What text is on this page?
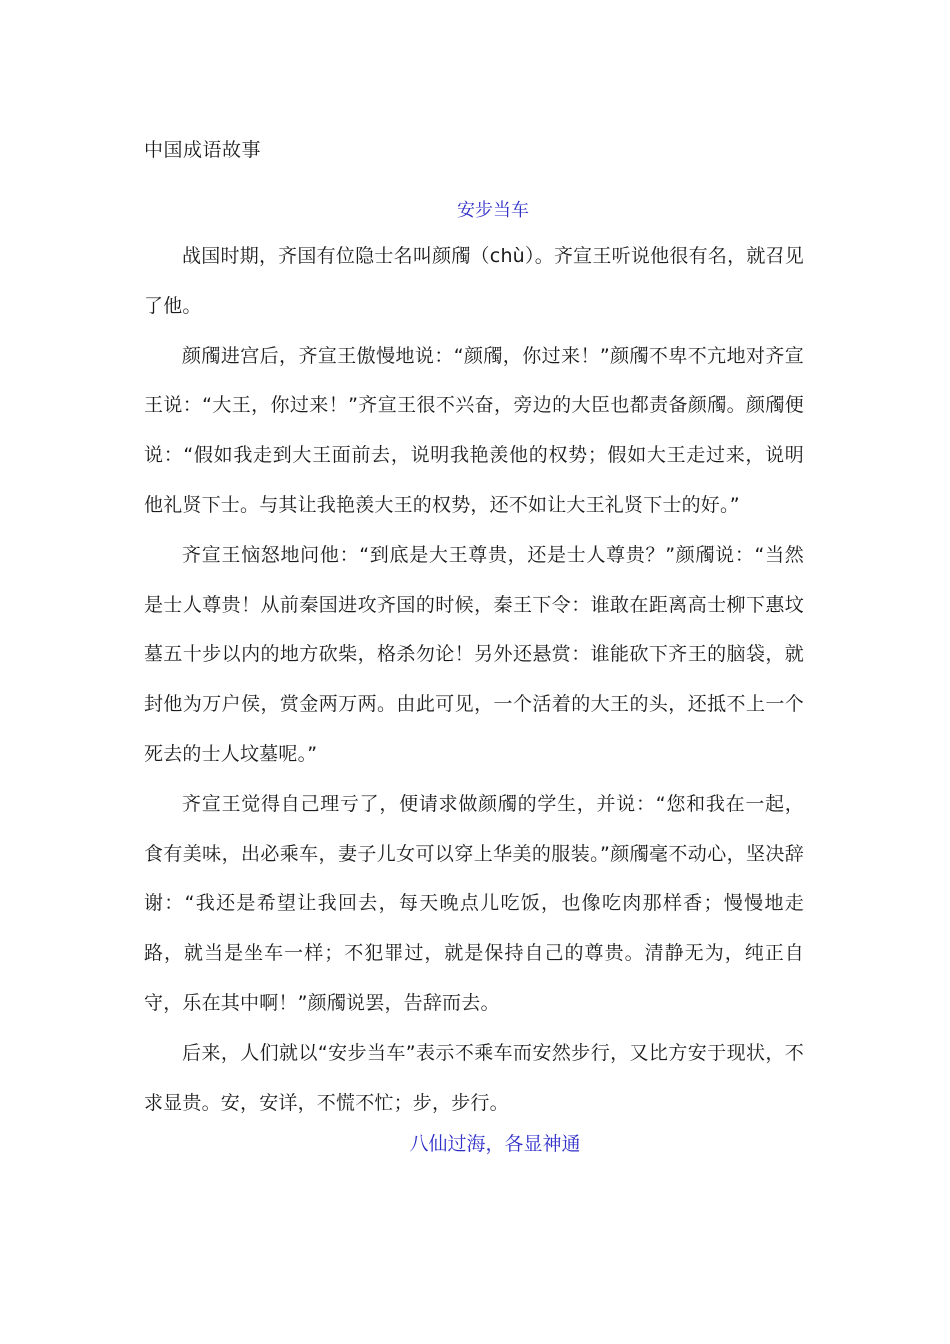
中国成语故事
安步当车

战国时期，齐国有位隐士名叫颜斶（chù）。齐宣王听说他很有名，就召见了他。

颜斶进宫后，齐宣王傲慢地说：“颜斶，你过来！”颜斶不卑不亢地对齐宣王说：“大王，你过来！”齐宣王很不兴奋，旁边的大臣也都责备颜斶。颜斶便说：“假如我走到大王面前去，说明我艳羡他的权势；假如大王走过来，说明他礼贤下士。与其让我艳羡大王的权势，还不如让大王礼贤下士的好。”

齐宣王恼怒地问他：“到底是大王尊贵，还是士人尊贵？”颜斶说：“当然是士人尊贵！从前秦国进攻齐国的时候，秦王下令：谁敢在距离高士柳下惠坟墓五十步以内的地方砍柴，格杀勿论！另外还悬赏：谁能砍下齐王的脑袋，就封他为万户侯，赏金两万两。由此可见，一个活着的大王的头，还抵不上一个死去的士人坟墓呢。”

齐宣王觉得自己理亏了，便请求做颜斶的学生，并说：“您和我在一起，食有美味，出必乘车，妻子儿女可以穿上华美的服装。”颜斶毫不动心，坚决辞谢：“我还是希望让我回去，每天晚点儿吃饭，也像吃肉那样香；慢慢地走路，就当是坐车一样；不犯罪过，就是保持自己的尊贵。清静无为，纯正自守，乐在其中啊！”颜斶说罢，告辞而去。

后来，人们就以“安步当车”表示不乘车而安然步行，又比方安于现状，不求显贵。安，安详，不慌不忙；步，步行。

八仙过海，各显神通
